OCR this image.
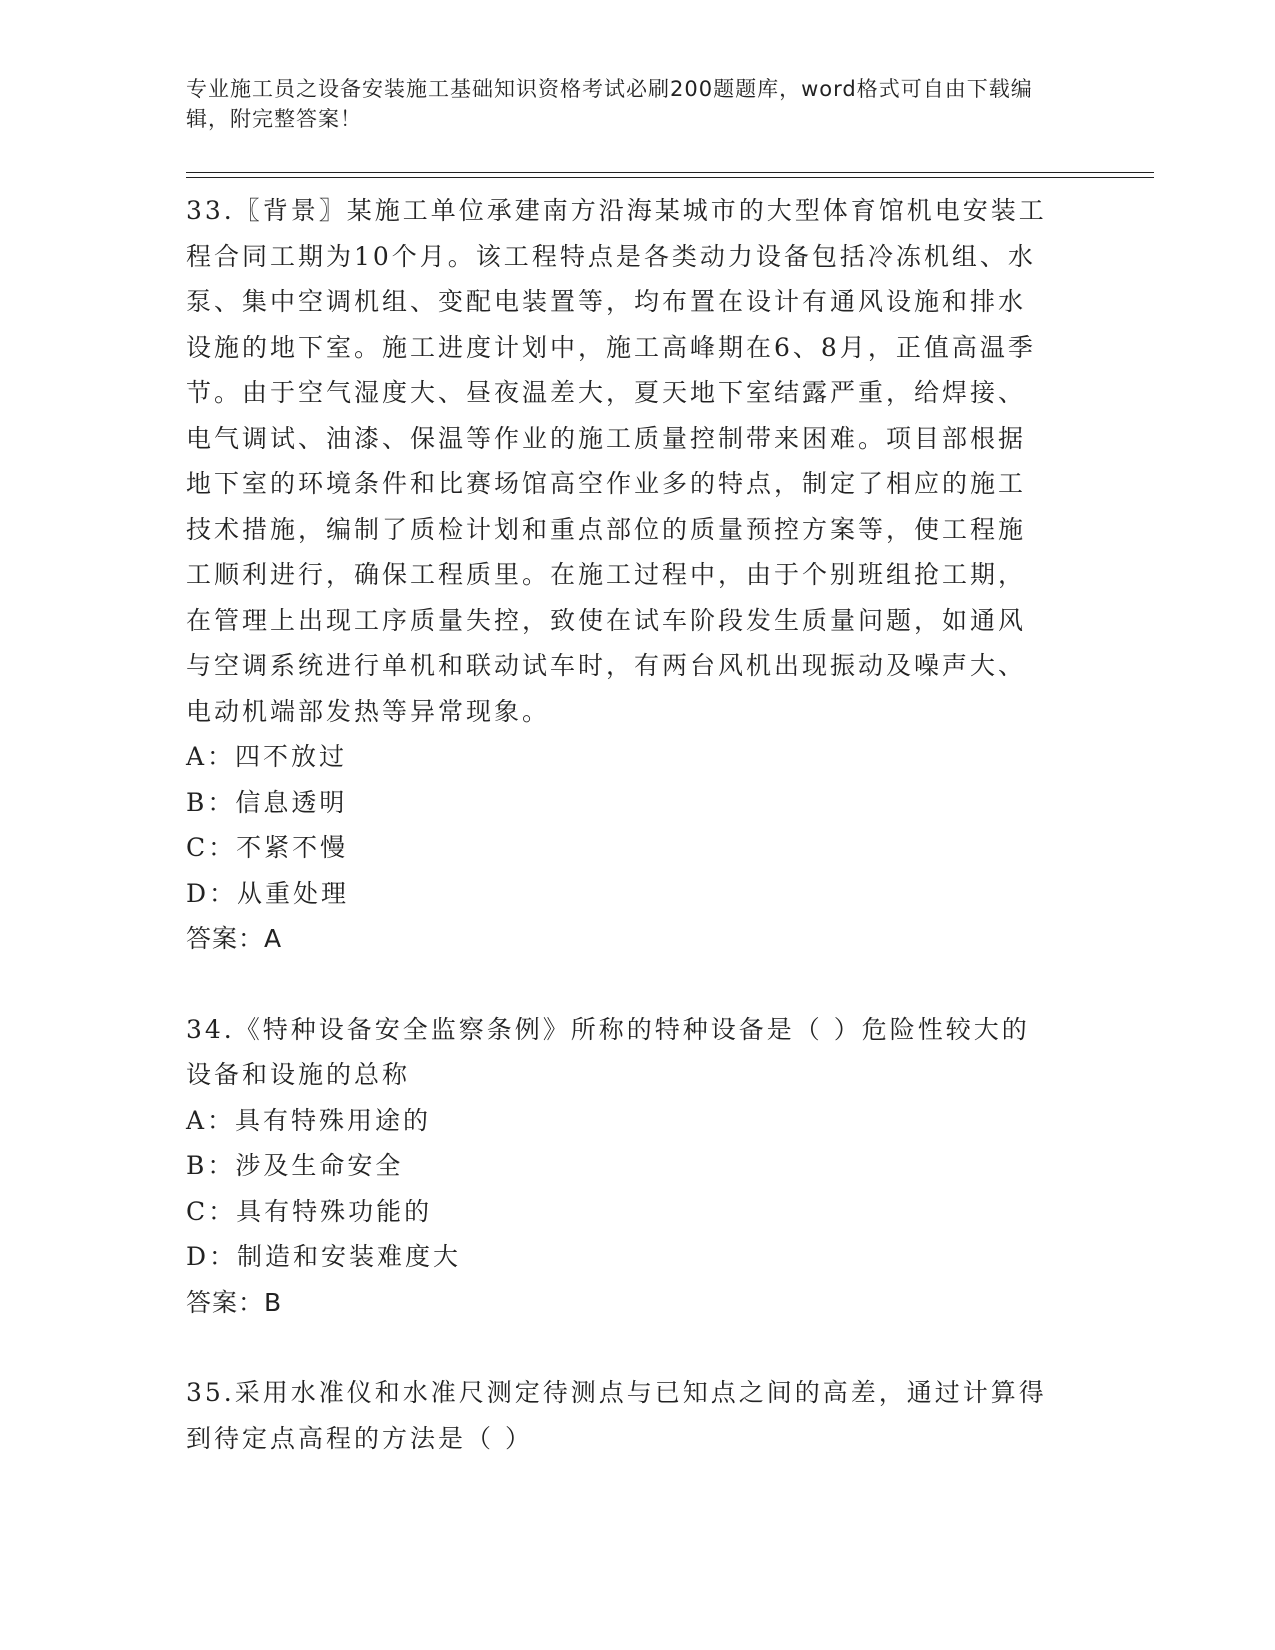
专业施工员之设备安装施工基础知识资格考试必刷200题题库，word格式可自由下载编辑，附完整答案！

33.〖背景〗某施工单位承建南方沿海某城市的大型体育馆机电安装工

程合同工期为10个月。该工程特点是各类动力设备包括冷冻机组、水

泵、集中空调机组、变配电装置等，均布置在设计有通风设施和排水

设施的地下室。施工进度计划中，施工高峰期在6、8月，正值高温季

节。由于空气湿度大、昼夜温差大，夏天地下室结露严重，给焊接、

电气调试、油漆、保温等作业的施工质量控制带来困难。项目部根据

地下室的环境条件和比赛场馆高空作业多的特点，制定了相应的施工

技术措施，编制了质检计划和重点部位的质量预控方案等，使工程施

工顺利进行，确保工程质里。在施工过程中，由于个别班组抢工期，

在管理上出现工序质量失控，致使在试车阶段发生质量问题，如通风

与空调系统进行单机和联动试车时，有两台风机出现振动及噪声大、

电动机端部发热等异常现象。

A：四不放过

B：信息透明

C：不紧不慢

D：从重处理

答案：A

34.《特种设备安全监察条例》所称的特种设备是（ ）危险性较大的

设备和设施的总称

A：具有特殊用途的

B：涉及生命安全

C：具有特殊功能的

D：制造和安装难度大

答案：B

35.采用水准仪和水准尺测定待测点与已知点之间的高差，通过计算得

到待定点高程的方法是（ ）
